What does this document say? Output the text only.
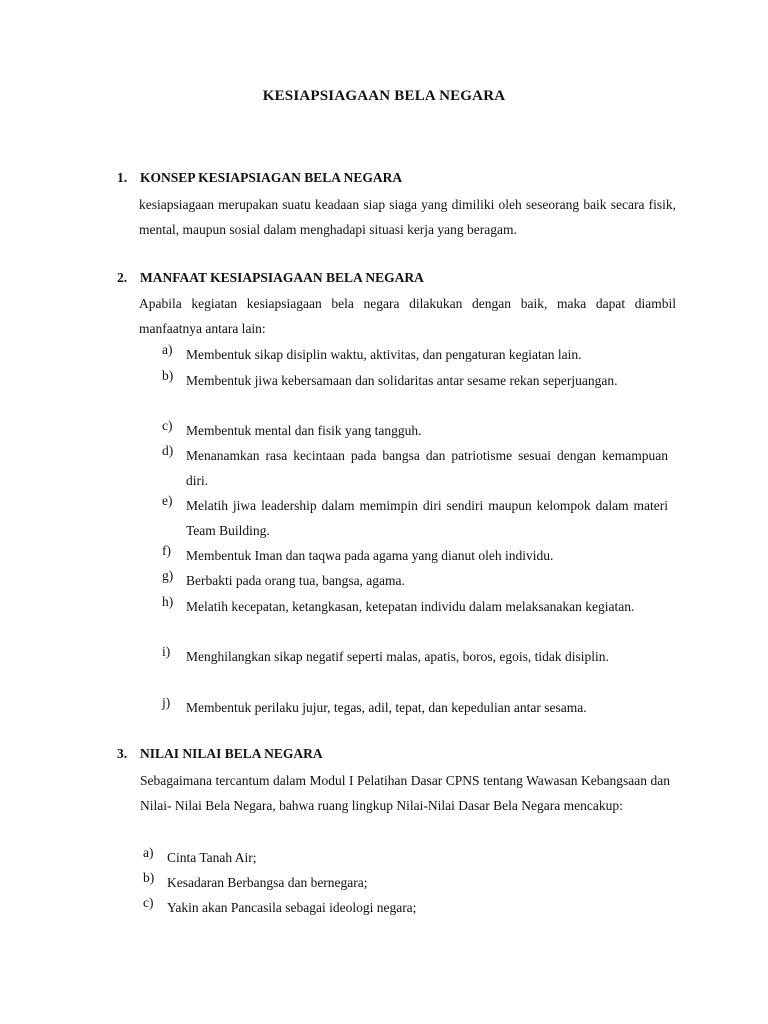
KESIAPSIAGAAN BELA NEGARA
1. KONSEP KESIAPSIAGAN BELA NEGARA
kesiapsiagaan merupakan suatu keadaan siap siaga yang dimiliki oleh seseorang baik secara fisik, mental, maupun sosial dalam menghadapi situasi kerja yang beragam.
2. MANFAAT KESIAPSIAGAAN BELA NEGARA
Apabila kegiatan kesiapsiagaan bela negara dilakukan dengan baik, maka dapat diambil manfaatnya antara lain:
a) Membentuk sikap disiplin waktu, aktivitas, dan pengaturan kegiatan lain.
b) Membentuk jiwa kebersamaan dan solidaritas antar sesame rekan seperjuangan.
c) Membentuk mental dan fisik yang tangguh.
d) Menanamkan rasa kecintaan pada bangsa dan patriotisme sesuai dengan kemampuan diri.
e) Melatih jiwa leadership dalam memimpin diri sendiri maupun kelompok dalam materi Team Building.
f) Membentuk Iman dan taqwa pada agama yang dianut oleh individu.
g) Berbakti pada orang tua, bangsa, agama.
h) Melatih kecepatan, ketangkasan, ketepatan individu dalam melaksanakan kegiatan.
i) Menghilangkan sikap negatif seperti malas, apatis, boros, egois, tidak disiplin.
j) Membentuk perilaku jujur, tegas, adil, tepat, dan kepedulian antar sesama.
3. NILAI NILAI BELA NEGARA
Sebagaimana tercantum dalam Modul I Pelatihan Dasar CPNS tentang Wawasan Kebangsaan dan Nilai- Nilai Bela Negara, bahwa ruang lingkup Nilai-Nilai Dasar Bela Negara mencakup:
a) Cinta Tanah Air;
b) Kesadaran Berbangsa dan bernegara;
c) Yakin akan Pancasila sebagai ideologi negara;
